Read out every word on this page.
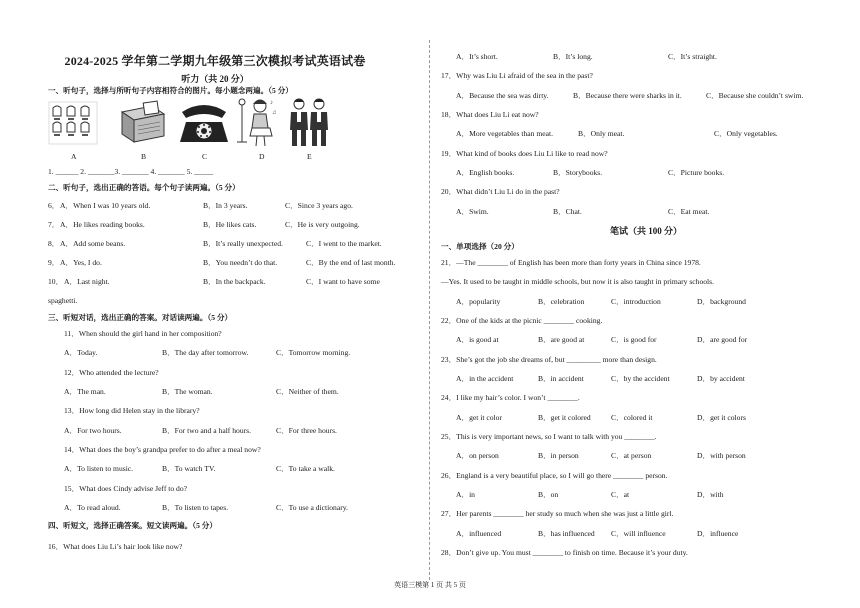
2024-2025 学年第二学期九年级第三次模拟考试英语试卷
听力（共 20 分）
一、听句子，选择与所听句子内容相符合的图片。每小题念两遍。（5 分）
♪
♫
A	B	C	D	E
1. ______ 2. _______3. _______ 4. _______ 5. _____
二、听句子，选出正确的答语。每个句子读两遍。（5 分）
6． A．When I was 10 years old.	B．In 3 years.	C．Since 3 years ago.
7． A．He likes reading books.	B．He likes cats.	C．He is very outgoing.
8． A．Add some beans.	B．It’s really unexpected.	C．I went to the market.
9． A．Yes, I do.	B．You needn’t do that.	C．By the end of last month.
10． A．Last night.	B．In the backpack.	C．I want to have some
spaghetti.
三、听短对话，选出正确的答案。对话读两遍。（5 分）
11．When should the girl hand in her composition?
A．Today.	B．The day after tomorrow.	C．Tomorrow morning.
12．Who attended the lecture?
A．The man.	B．The woman.	C．Neither of them.
13．How long did Helen stay in the library?
A．For two hours.	B．For two and a half hours.	C．For three hours.
14．What does the boy’s grandpa prefer to do after a meal now?
A．To listen to music.	B．To watch TV.	C．To take a walk.
15．What does Cindy advise Jeff to do?
A．To read aloud.	B．To listen to tapes.	C．To use a dictionary.
四、听短文，选择正确答案。短文读两遍。（5 分）
16．What does Liu Li’s hair look like now?
A．It’s short.	B．It’s long.	C．It’s straight.
17．Why was Liu Li afraid of the sea in the past?
A．Because the sea was dirty.	B．Because there were sharks in it.	C．Because she couldn’t swim.
18．What does Liu Li eat now?
A．More vegetables than meat.	B．Only meat.	C．Only vegetables.
19．What kind of books does Liu Li like to read now?
A．English books.	B．Storybooks.	C．Picture books.
20．What didn’t Liu Li do in the past?
A．Swim.	B．Chat.	C．Eat meat.
笔试（共 100 分）
一、单项选择（20 分）
21．—The ________ of English has been more than forty years in China since 1978.
—Yes. It used to be taught in middle schools, but now it is also taught in primary schools.
A．popularity	B．celebration	C．introduction	D．background
22．One of the kids at the picnic ________ cooking.
A．is good at	B．are good at	C．is good for	D．are good for
23．She’s got the job she dreams of, but _________ more than design.
A．in the accident	B．in accident	C．by the accident	D．by accident
24．I like my hair’s color. I won’t ________.
A．get it color	B．get it colored	C．colored it	D．get it colors
25．This is very important news, so I want to talk with you ________.
A．on person	B．in person	C．at person	D．with person
26．England is a very beautiful place, so I will go there ________ person.
A．in	B．on	C．at	D．with
27．Her parents ________ her study so much when she was just a little girl.
A．influenced	B．has influenced C．will influence	D．influence
28．Don’t give up. You must ________ to finish on time. Because it’s your duty.
英语三模第 1 页 共 5 页
